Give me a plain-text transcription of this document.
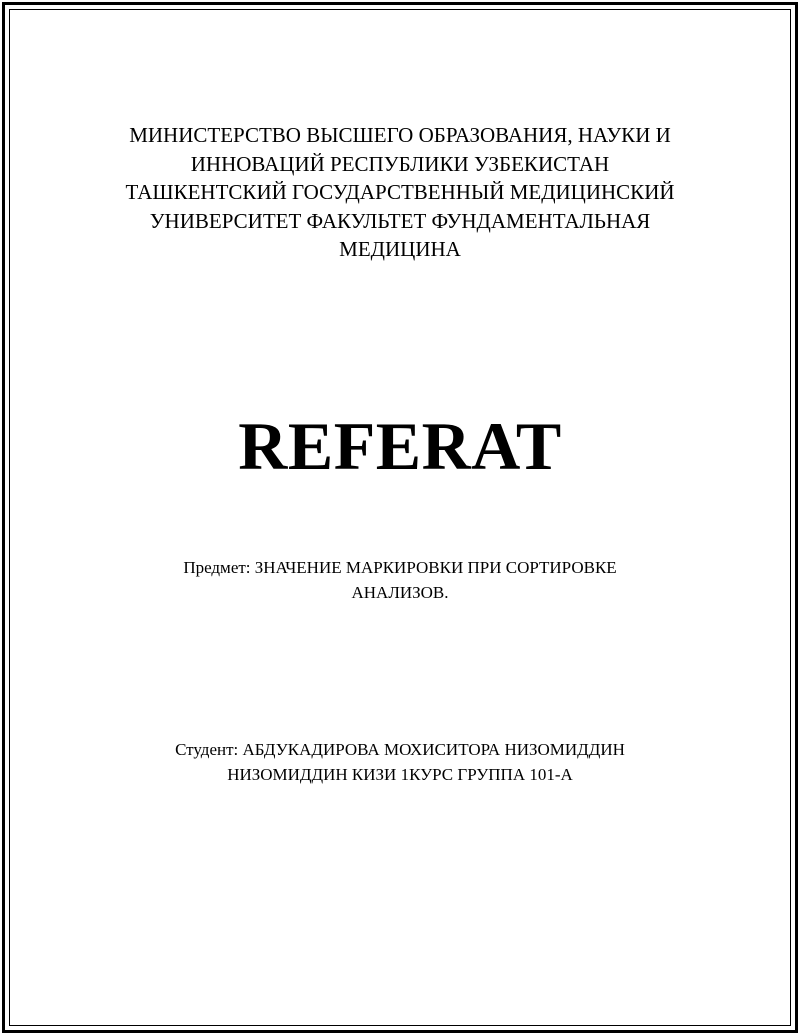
МИНИСТЕРСТВО ВЫСШЕГО ОБРАЗОВАНИЯ, НАУКИ И
ИННОВАЦИЙ РЕСПУБЛИКИ УЗБЕКИСТАН
ТАШКЕНТСКИЙ ГОСУДАРСТВЕННЫЙ МЕДИЦИНСКИЙ
УНИВЕРСИТЕТ ФАКУЛЬТЕТ ФУНДАМЕНТАЛЬНАЯ
МЕДИЦИНА
REFERAT
Предмет: ЗНАЧЕНИЕ МАРКИРОВКИ ПРИ СОРТИРОВКЕ
АНАЛИЗОВ.
Студент: АБДУКАДИРОВА МОХИСИТОРА НИЗОМИДДИН
НИЗОМИДДИН КИЗИ 1КУРС ГРУППА 101-А
